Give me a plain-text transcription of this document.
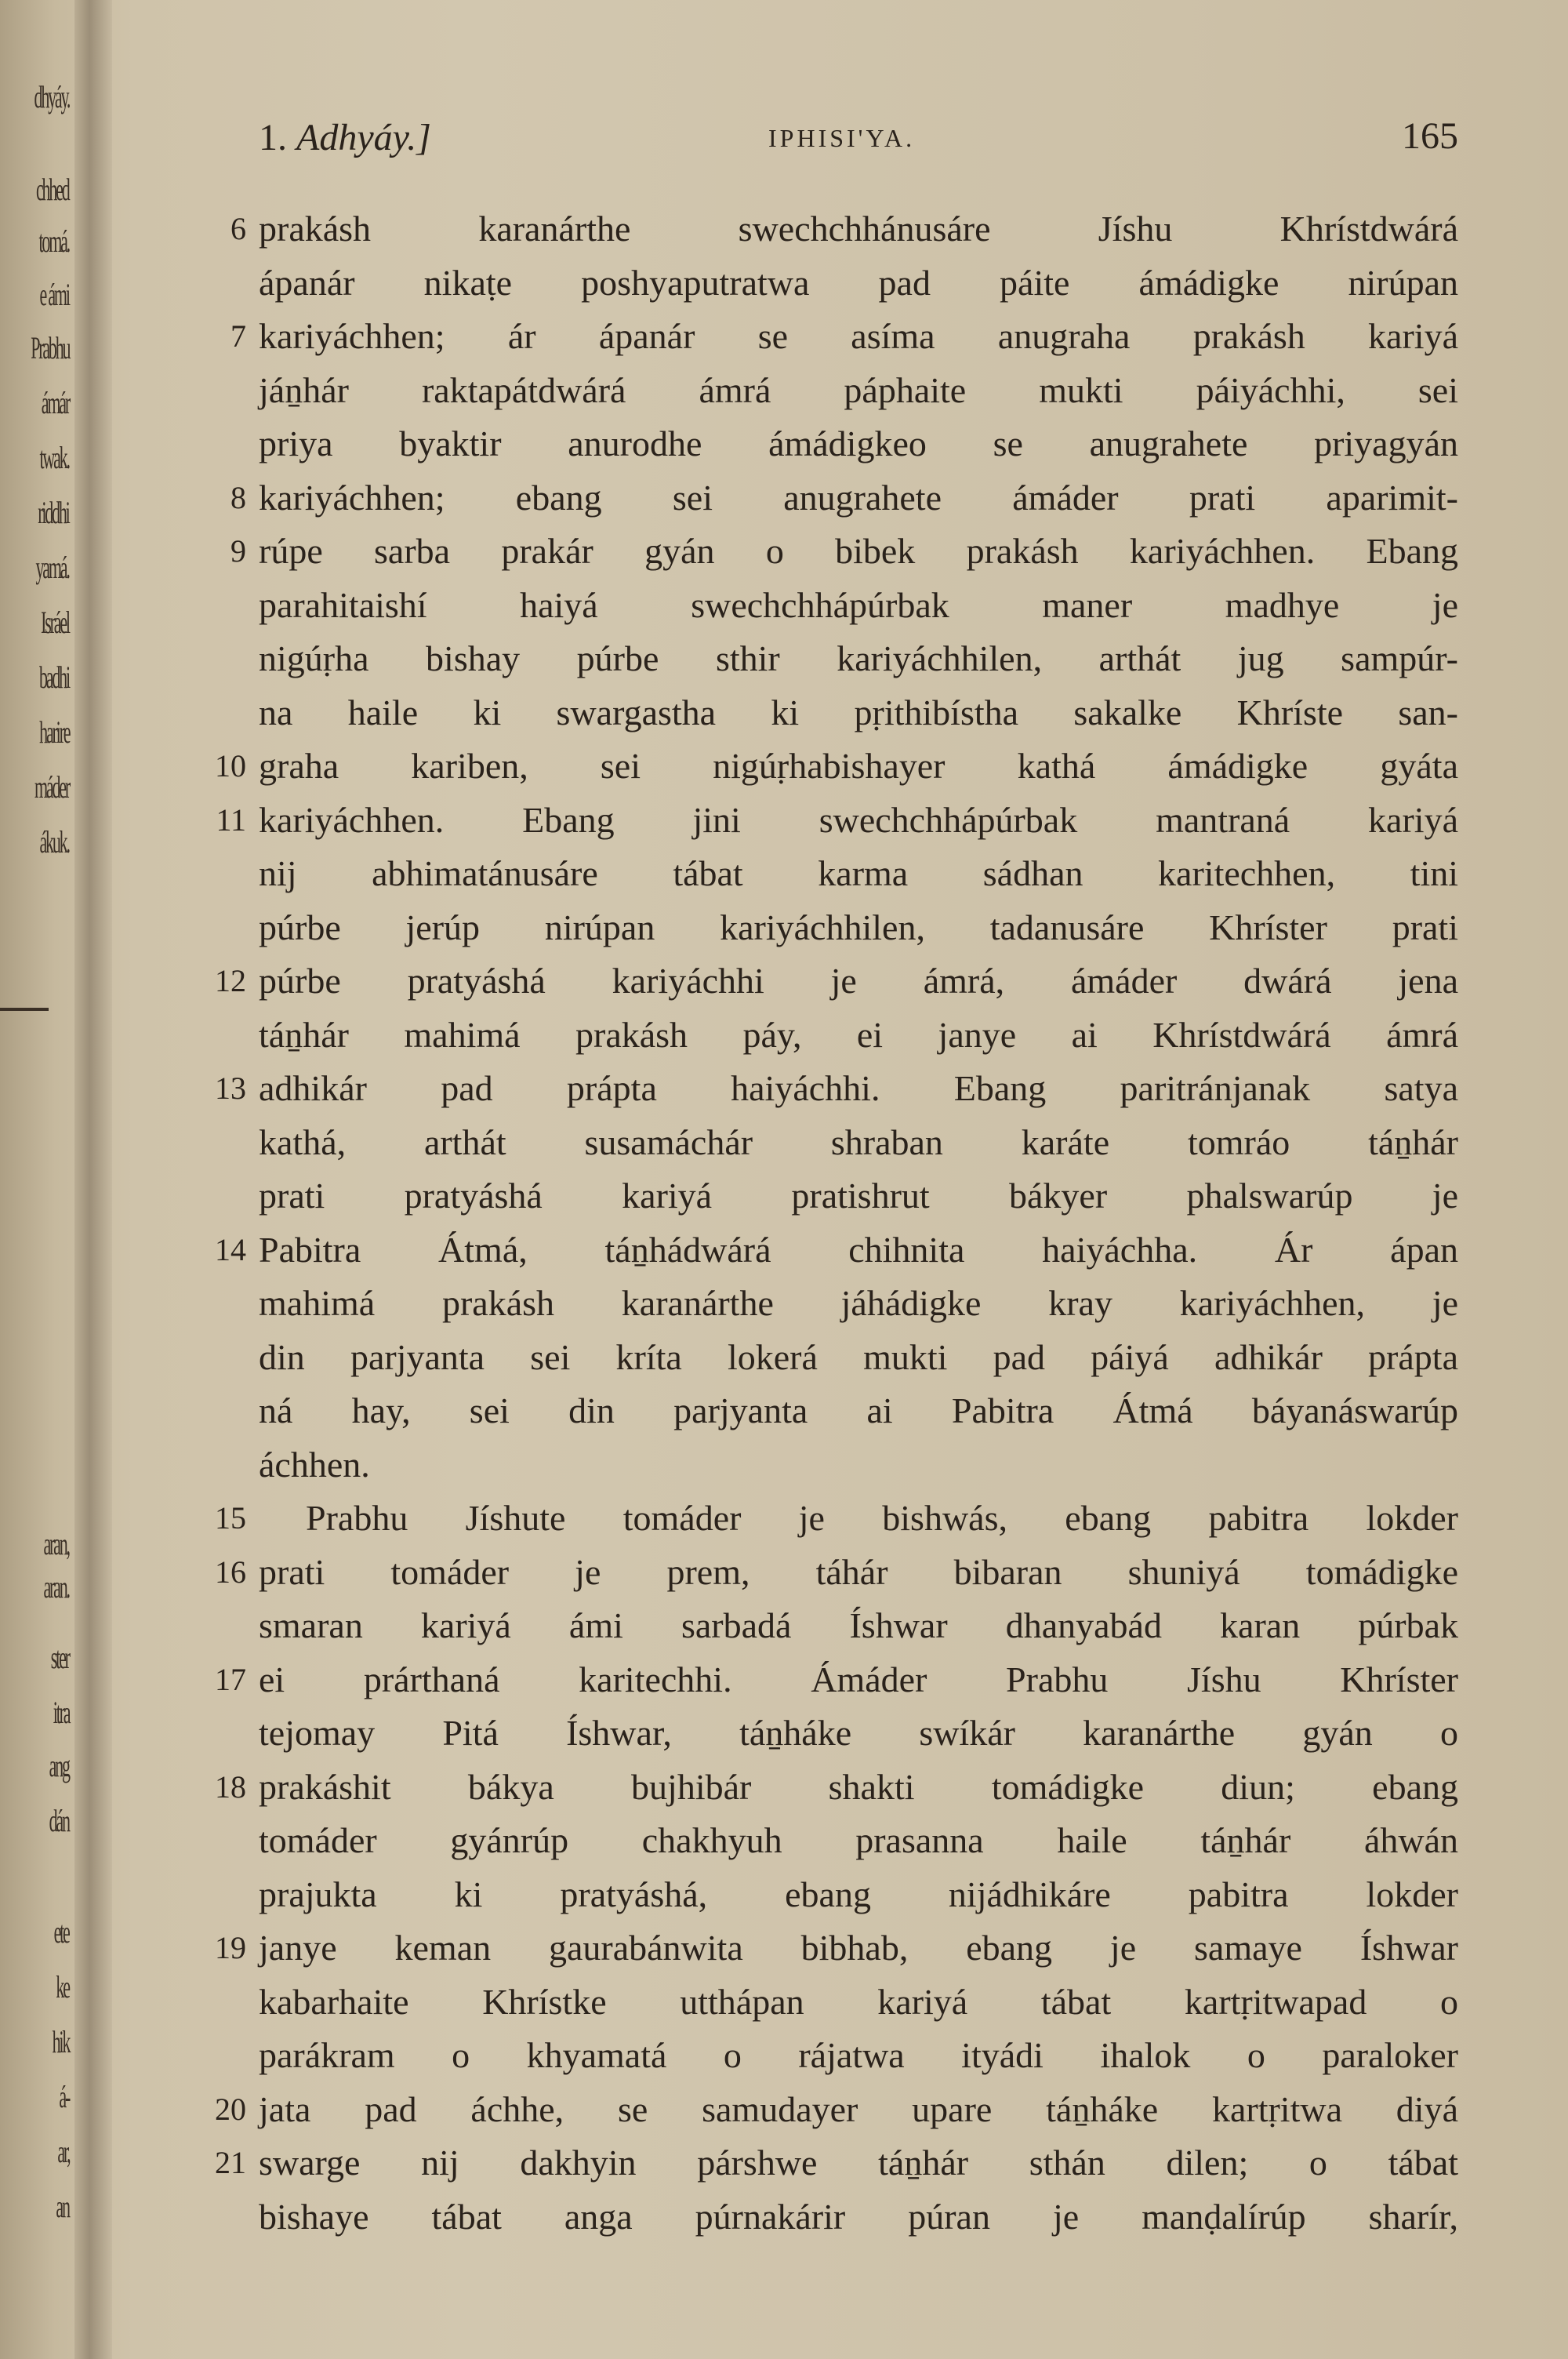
dhyáy.
chhed
tomá.
e ámi
Prabhu
ámár
twak.
riddhi
yamá.
Isráel
badhi
harire
máder
ákuk.
aran,
aran.
ster
itra
ang
dán
ete
ke
hik
á-
ar,
an
1. Adhyáy.]	IPHISI'YA.	165
6 prakásh karanárthe swechchhánusáre Jíshu Khrístdwárá
ápanár nikaṭe poshyaputratwa pad páite ámádigke nirúpan
7 kariyáchhen; ár ápanár se asíma anugraha prakásh kariyá
jáṉhár raktapátdwárá ámrá páphaite mukti páiyáchhi, sei
priya byaktir anurodhe ámádigkeo se anugrahete priyagyán
8 kariyáchhen; ebang sei anugrahete ámáder prati aparimit-
9 rúpe sarba prakár gyán o bibek prakásh kariyáchhen. Ebang
parahitaishí haiyá swechchhápúrbak maner madhye je
nigúṛha bishay púrbe sthir kariyáchhilen, arthát jug sampúr-
na haile ki swargastha ki pṛithibístha sakalke Khríste san-
10 graha kariben, sei nigúṛhabishayer kathá ámádigke gyáta
11 kariyáchhen. Ebang jini swechchhápúrbak mantraná kariyá
nij abhimatánusáre tábat karma sádhan karitechhen, tini
púrbe jerúp nirúpan kariyáchhilen, tadanusáre Khríster prati
12 púrbe pratyáshá kariyáchhi je ámrá, ámáder dwárá jena
táṉhár mahimá prakásh páy, ei janye ai Khrístdwárá ámrá
13 adhikár pad prápta haiyáchhi. Ebang paritránjanak satya
kathá, arthát susamáchár shraban karáte tomráo táṉhár
prati pratyáshá kariyá pratishrut bákyer phalswarúp je
14 Pabitra Átmá, táṉhádwárá chihnita haiyáchha. Ár ápan
mahimá prakásh karanárthe jáhádigke kray kariyáchhen, je
din parjyanta sei kríta lokerá mukti pad páiyá adhikár prápta
ná hay, sei din parjyanta ai Pabitra Átmá báyanáswarúp
áchhen.
15	Prabhu Jíshute tomáder je bishwás, ebang pabitra lokder
16 prati tomáder je prem, táhár bibaran shuniyá tomádigke
smaran kariyá ámi sarbadá Íshwar dhanyabád karan púrbak
17 ei prárthaná karitechhi. Ámáder Prabhu Jíshu Khríster
tejomay Pitá Íshwar, táṉháke swíkár karanárthe gyán o
18 prakáshit bákya bujhibár shakti tomádigke diun; ebang
tomáder gyánrúp chakhyuh prasanna haile táṉhár áhwán
prajukta ki pratyáshá, ebang nijádhikáre pabitra lokder
19 janye keman gaurabánwita bibhab, ebang je samaye Íshwar
kabarhaite Khrístke utthápan kariyá tábat kartṛitwapad o
parákram o khyamatá o rájatwa ityádi ihalok o paraloker
20 jata pad áchhe, se samudayer upare táṉháke kartṛitwa diyá
21 swarge nij dakhyin párshwe táṉhár sthán dilen; o tábat
bishaye tábat anga púrnakárir púran je manḍalírúp sharír,
